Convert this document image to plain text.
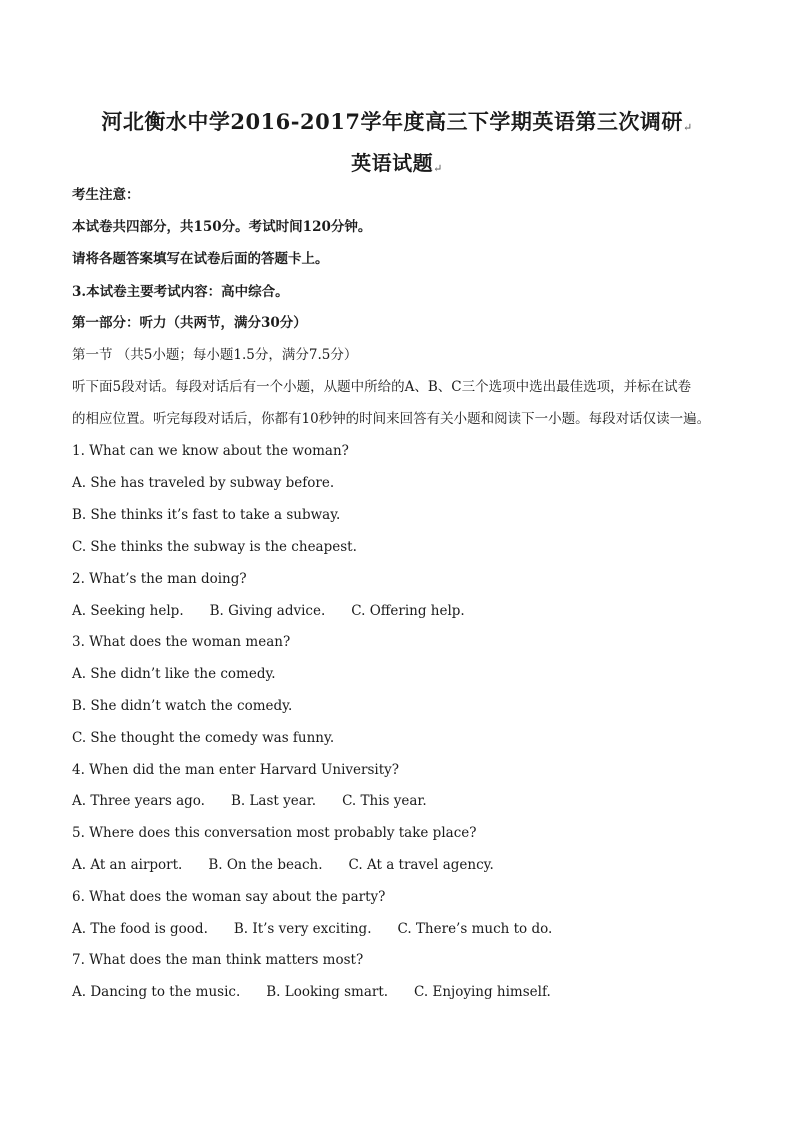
河北衡水中学2016-2017学年度高三下学期英语第三次调研↵
英语试题↵
考生注意：
本试卷共四部分，共150分。考试时间120分钟。
请将各题答案填写在试卷后面的答题卡上。
3.本试卷主要考试内容：高中综合。
第一部分：听力（共两节，满分30分）
第一节 （共5小题；每小题1.5分，满分7.5分）
听下面5段对话。每段对话后有一个小题，从题中所给的A、B、C三个选项中选出最佳选项，并标在试卷
的相应位置。听完每段对话后，你都有10秒钟的时间来回答有关小题和阅读下一小题。每段对话仅读一遍。
1. What can we know about the woman?
A. She has traveled by subway before.
B. She thinks it’s fast to take a subway.
C. She thinks the subway is the cheapest.
2. What’s the man doing?
A. Seeking help. B. Giving advice. C. Offering help.
3. What does the woman mean?
A. She didn’t like the comedy.
B. She didn’t watch the comedy.
C. She thought the comedy was funny.
4. When did the man enter Harvard University?
A. Three years ago. B. Last year. C. This year.
5. Where does this conversation most probably take place?
A. At an airport. B. On the beach. C. At a travel agency.
6. What does the woman say about the party?
A. The food is good. B. It’s very exciting. C. There’s much to do.
7. What does the man think matters most?
A. Dancing to the music. B. Looking smart. C. Enjoying himself.
